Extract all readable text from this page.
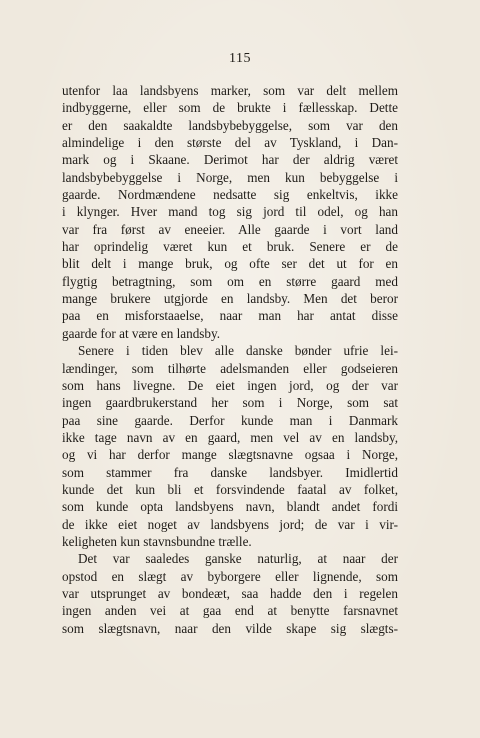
115
utenfor laa landsbyens marker, som var delt mellem
indbyggerne, eller som de brukte i fællesskap. Dette
er den saakaldte landsbybebyggelse, som var den
almindelige i den største del av Tyskland, i Dan-
mark og i Skaane. Derimot har der aldrig været
landsbybebyggelse i Norge, men kun bebyggelse i
gaarde. Nordmændene nedsatte sig enkeltvis, ikke
i klynger. Hver mand tog sig jord til odel, og han
var fra først av eneeier. Alle gaarde i vort land
har oprindelig været kun et bruk. Senere er de
blit delt i mange bruk, og ofte ser det ut for en
flygtig betragtning, som om en større gaard med
mange brukere utgjorde en landsby. Men det beror
paa en misforstaaelse, naar man har antat disse
gaarde for at være en landsby.
Senere i tiden blev alle danske bønder ufrie lei-
lændinger, som tilhørte adelsmanden eller godseieren
som hans livegne. De eiet ingen jord, og der var
ingen gaardbrukerstand her som i Norge, som sat
paa sine gaarde. Derfor kunde man i Danmark
ikke tage navn av en gaard, men vel av en landsby,
og vi har derfor mange slægtsnavne ogsaa i Norge,
som stammer fra danske landsbyer. Imidlertid
kunde det kun bli et forsvindende faatal av folket,
som kunde opta landsbyens navn, blandt andet fordi
de ikke eiet noget av landsbyens jord; de var i vir-
keligheten kun stavnsbundne trælle.
Det var saaledes ganske naturlig, at naar der
opstod en slægt av byborgere eller lignende, som
var utsprunget av bondeæt, saa hadde den i regelen
ingen anden vei at gaa end at benytte farsnavnet
som slægtsnavn, naar den vilde skape sig slægts-
